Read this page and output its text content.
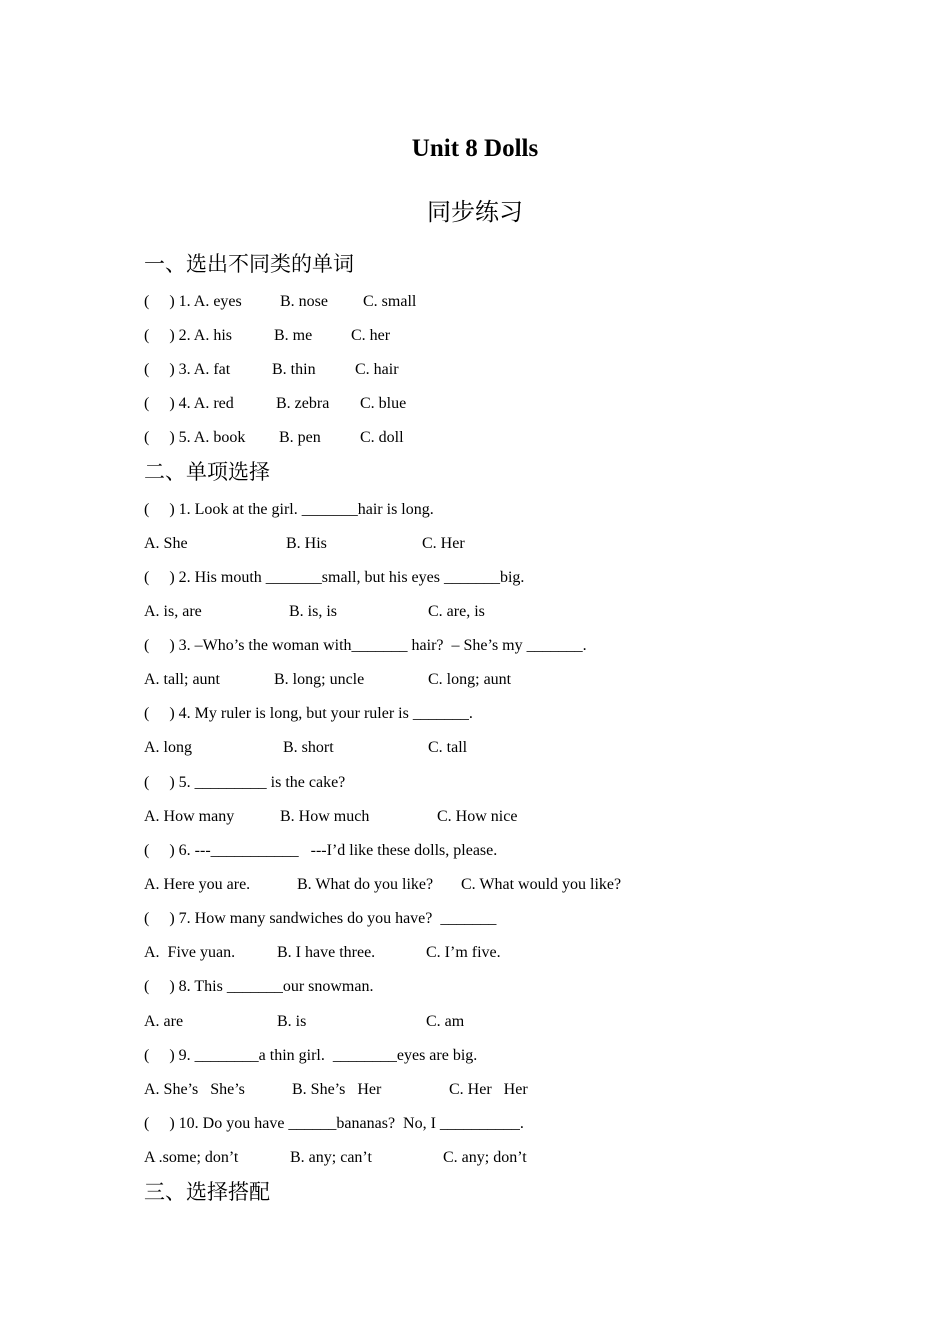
Unit 8 Dolls
同步练习
一、选出不同类的单词
(     ) 1. A. eyes B. nose C. small
(     ) 2. A. his	B. me C. her
(     ) 3. A. fat	B. thin C. hair
(     ) 4. A. red	B. zebra C. blue
(     ) 5. A. book B. pen C. doll
二、单项选择
(     ) 1. Look at the girl. _______hair is long.
A. She	B. His	C. Her
(     ) 2. His mouth _______small, but his eyes _______big.
A. is, are	B. is, is	C. are, is
(     ) 3. –Who’s the woman with_______ hair?  – She’s my _______.
A. tall; aunt	B. long; uncle	C. long; aunt
(     ) 4. My ruler is long, but your ruler is _______.
A. long	B. short	C. tall
(     ) 5. _________ is the cake?
A. How many	B. How much	C. How nice
(     ) 6. ---___________   ---I’d like these dolls, please.
A. Here you are.	B. What do you like? C. What would you like?
(     ) 7. How many sandwiches do you have?  _______
A.  Five yuan.	B. I have three.	C. I’m five.
(     ) 8. This _______our snowman.
A. are	B. is	C. am
(     ) 9. ________a thin girl.  ________eyes are big.
A. She’s   She’s	B. She’s   Her	C. Her   Her
(     ) 10. Do you have ______bananas?  No, I __________.
A .some; don’t	B. any; can’t	C. any; don’t
三、选择搭配
